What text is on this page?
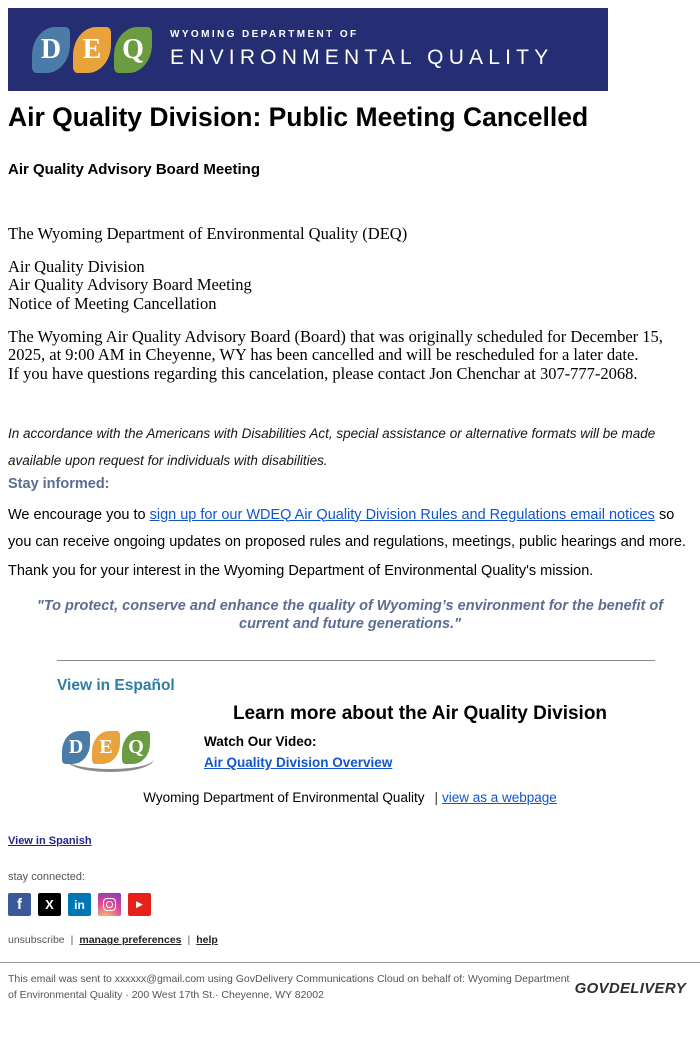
D E Q	WYOMING DEPARTMENT OF
ENVIRONMENTAL QUALITY
Air Quality Division: Public Meeting Cancelled
Air Quality Advisory Board Meeting

The Wyoming Department of Environmental Quality (DEQ)

Air Quality Division
Air Quality Advisory Board Meeting
Notice of Meeting Cancellation

The Wyoming Air Quality Advisory Board (Board) that was originally scheduled for December 15, 2025, at 9:00 AM in Cheyenne, WY has been cancelled and will be rescheduled for a later date.
If you have questions regarding this cancelation, please contact Jon Chenchar at 307-777-2068.

In accordance with the Americans with Disabilities Act, special assistance or alternative formats will be made available upon request for individuals with disabilities.

Stay informed:

We encourage you to sign up for our WDEQ Air Quality Division Rules and Regulations email notices so you can receive ongoing updates on proposed rules and regulations, meetings, public hearings and more.

Thank you for your interest in the Wyoming Department of Environmental Quality's mission.

"To protect, conserve and enhance the quality of Wyoming’s environment for the benefit of current and future generations."

View in Español
Learn more about the Air Quality Division
D E Q	Watch Our Video:
Air Quality Division Overview
Wyoming Department of Environmental Quality | view as a webpage
View in Spanish
stay connected:
f X in	▶
unsubscribe | manage preferences | help
This email was sent to xxxxxx@gmail.com using GovDelivery Communications Cloud on behalf of: Wyoming Department of Environmental Quality · 200 West 17th St.· Cheyenne, WY 82002	GOVDELIVERY
